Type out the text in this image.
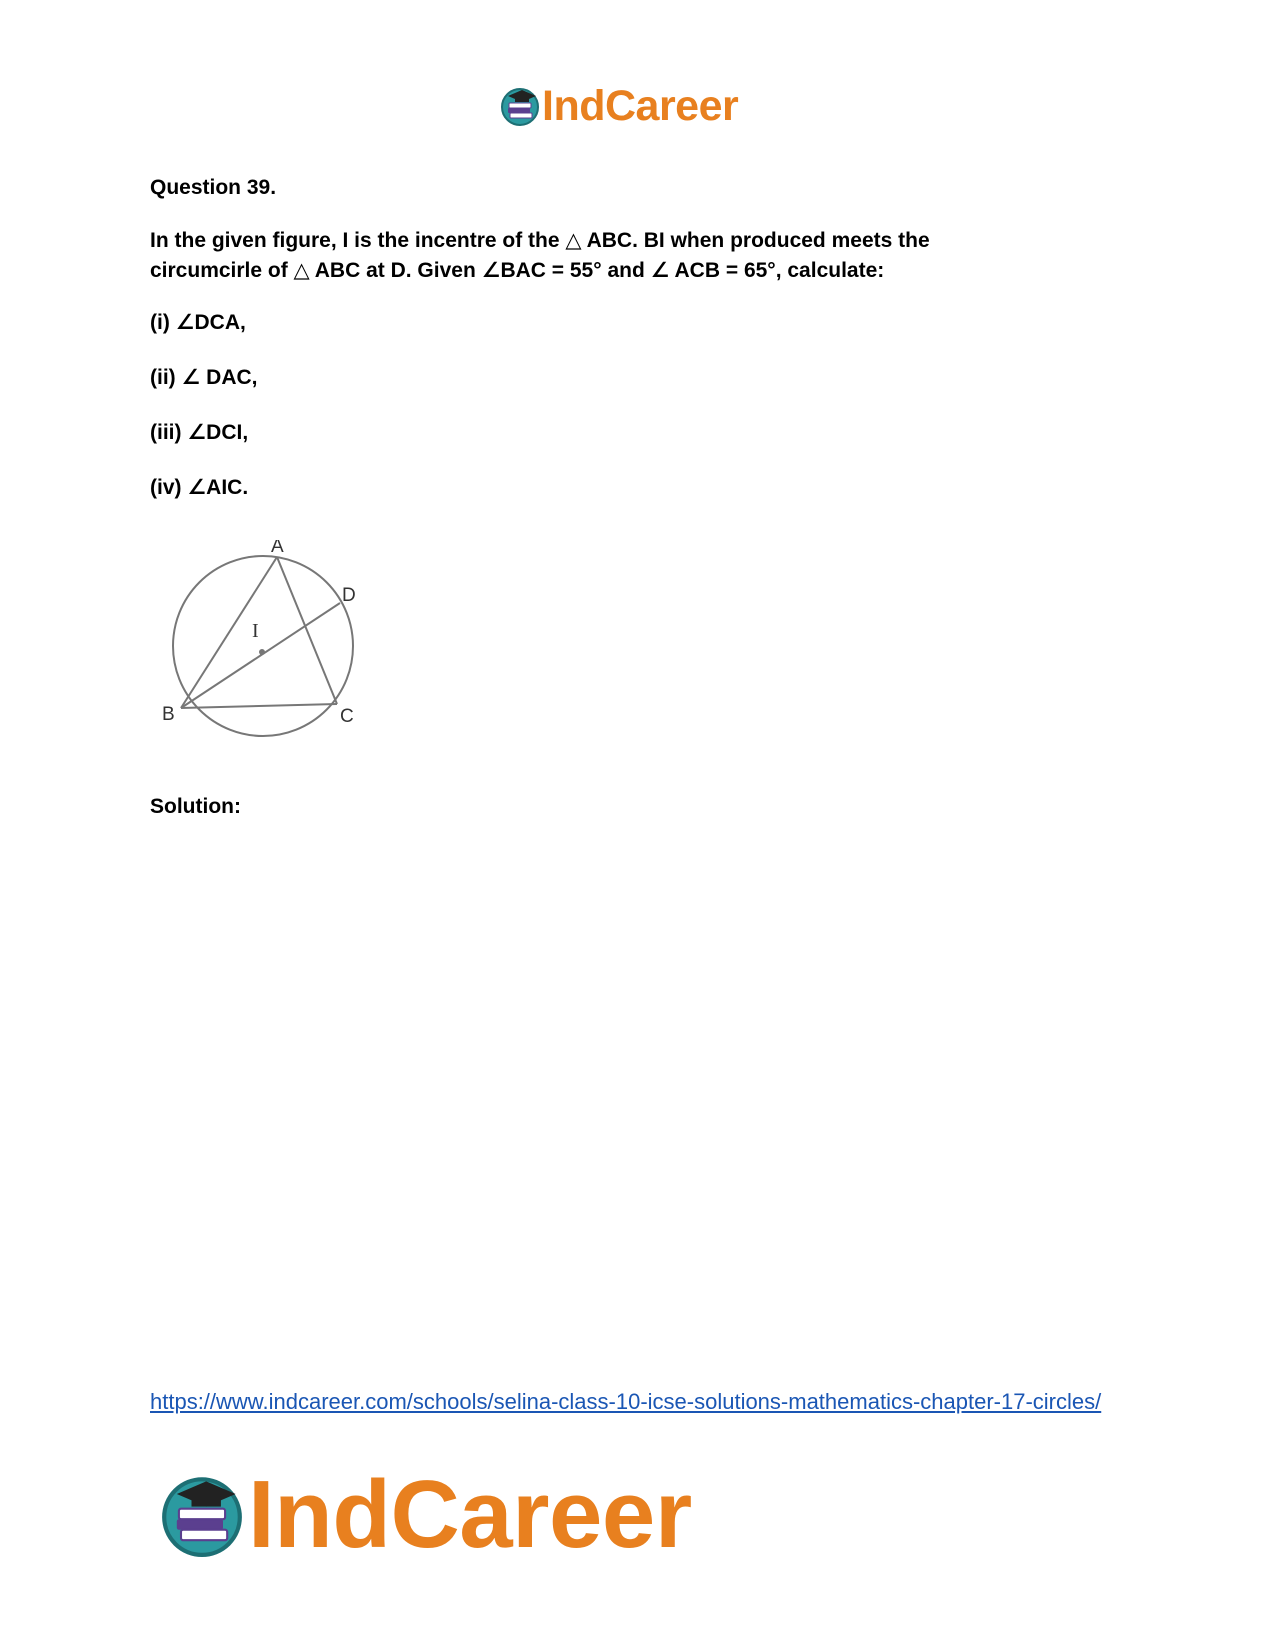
IndCareer
Question 39.
In the given figure, I is the incentre of the △ ABC. BI when produced meets the
circumcirle of △ ABC at D. Given ∠BAC = 55° and ∠ ACB = 65°, calculate:
(i) ∠DCA,
(ii) ∠ DAC,
(iii) ∠DCI,
(iv) ∠AIC.
A
B	C
D
I
Solution:
https://www.indcareer.com/schools/selina-class-10-icse-solutions-mathematics-chapter-17-circles/
IndCareer
